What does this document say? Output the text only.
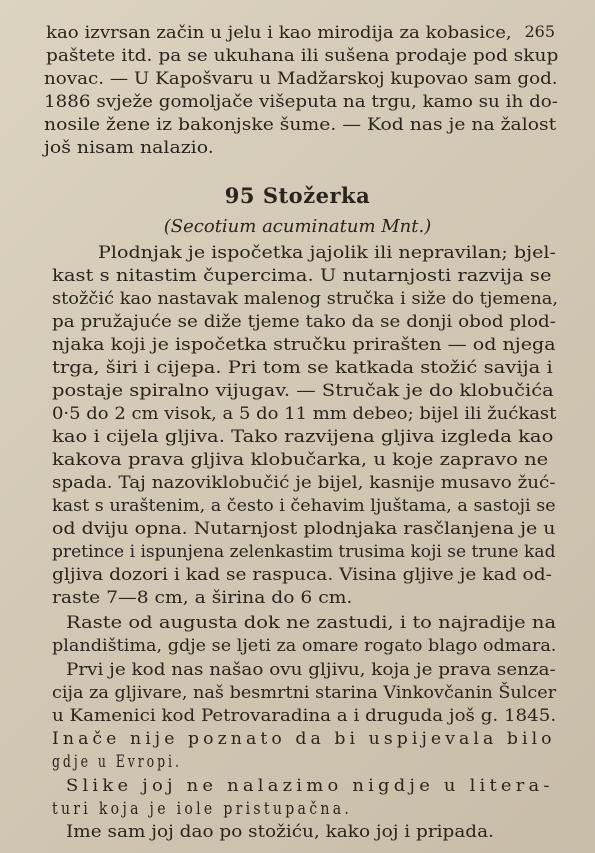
265
kao izvrsan začin u jelu i kao mirodija za kobasice,
paštete itd. pa se ukuhana ili sušena prodaje pod skup
novac. — U Kapošvaru u Madžarskoj kupovao sam god.
1886 svježe gomoljače višeputa na trgu, kamo su ih do-
nosile žene iz bakonjske šume. — Kod nas je na žalost
još nisam nalazio.
95 Stožerka
(Secotium acuminatum Mnt.)
Plodnjak je ispočetka jajolik ili nepravilan; bjel-
kast s nitastim čupercima. U nutarnjosti razvija se
stožčić kao nastavak malenog stručka i siže do tjemena,
pa pružajuće se diže tjeme tako da se donji obod plod-
njaka koji je ispočetka stručku prirašten — od njega
trga, širi i cijepa. Pri tom se katkada stožić savija i
postaje spiralno vijugav. — Stručak je do klobučića
0·5 do 2 cm visok, a 5 do 11 mm debeo; bijel ili žućkast
kao i cijela gljiva. Tako razvijena gljiva izgleda kao
kakova prava gljiva klobučarka, u koje zapravo ne
spada. Taj nazoviklobučić je bijel, kasnije musavo žuć-
kast s uraštenim, a često i čehavim ljuštama, a sastoji se
od dviju opna. Nutarnjost plodnjaka rasčlanjena je u
pretince i ispunjena zelenkastim trusima koji se trune kad
gljiva dozori i kad se raspuca. Visina gljive je kad od-
raste 7—8 cm, a širina do 6 cm.
Raste od augusta dok ne zastudi, i to najradije na
plandištima, gdje se ljeti za omare rogato blago odmara.
Prvi je kod nas našao ovu gljivu, koja je prava senza-
cija za gljivare, naš besmrtni starina Vinkovčanin Šulcer
u Kamenici kod Petrovaradina a i druguda još g. 1845.
Inače nije poznato da bi uspijevala bilo
gdje u Evropi.
Slike joj ne nalazimo nigdje u litera-
turi koja je iole pristupačna.
Ime sam joj dao po stožiću, kako joj i pripada.
